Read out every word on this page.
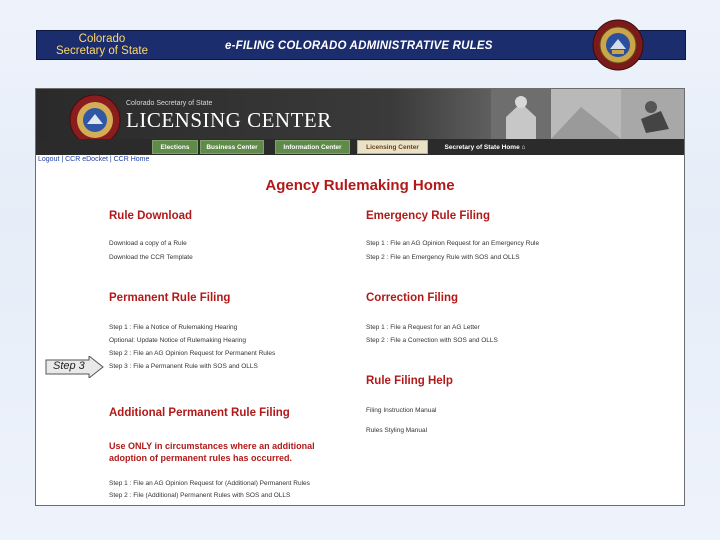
Colorado
Secretary of State	e-FILING COLORADO ADMINISTRATIVE RULES
Colorado Secretary of State
LICENSING CENTER
Elections Center
Business Center	Information Center	Licensing Center	Secretary of State Home ⌂
Logout | CCR eDocket | CCR Home
Agency Rulemaking Home
Rule Download
Download a copy of a Rule
Download the CCR Template
Permanent Rule Filing
Step 1 : File a Notice of Rulemaking Hearing
Optional: Update Notice of Rulemaking Hearing
Step 2 : File an AG Opinion Request for Permanent Rules
Step 3 : File a Permanent Rule with SOS and OLLS
Additional Permanent Rule Filing
Use ONLY in circumstances where an additional adoption of permanent rules has occurred.
Step 1 : File an AG Opinion Request for (Additional) Permanent Rules
Step 2 : File (Additional) Permanent Rules with SOS and OLLS
Emergency Rule Filing
Step 1 : File an AG Opinion Request for an Emergency Rule
Step 2 : File an Emergency Rule with SOS and OLLS
Correction Filing
Step 1 : File a Request for an AG Letter
Step 2 : File a Correction with SOS and OLLS
Rule Filing Help
Filing Instruction Manual
Rules Styling Manual
Step 3
